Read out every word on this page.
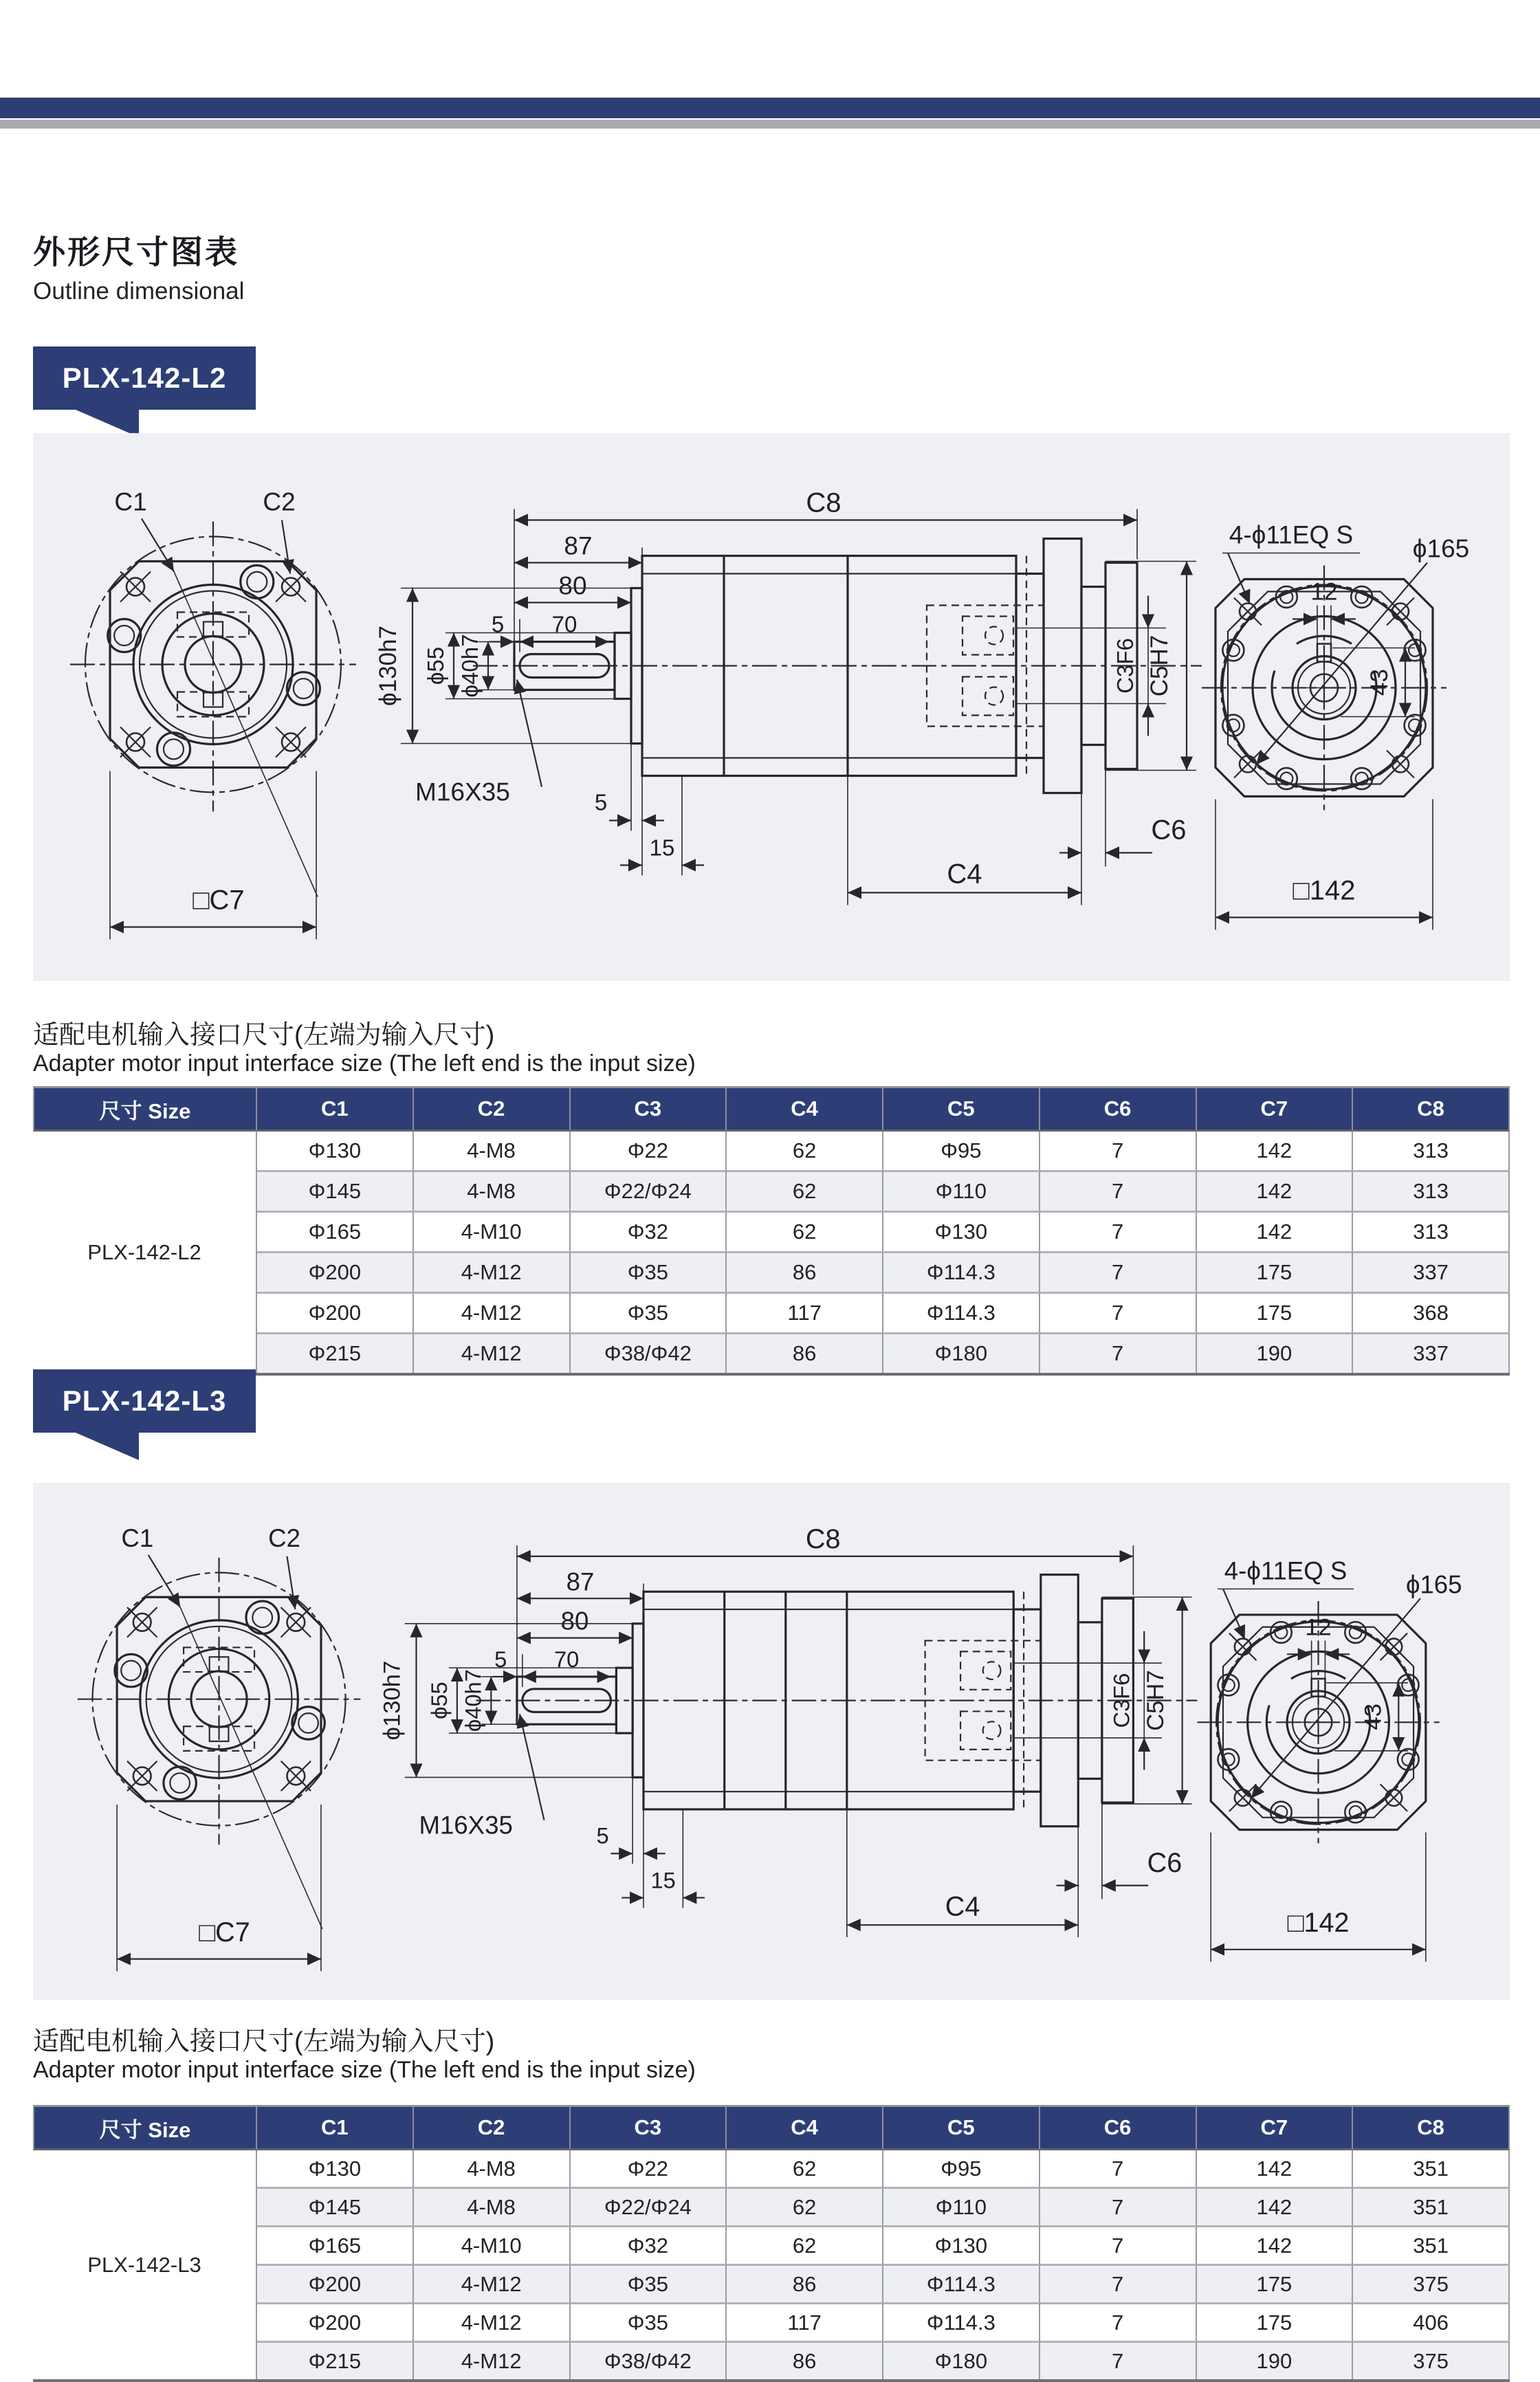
外形尺寸图表
Outline dimensional
PLX-142-L2
C1	C2
□C7
C8
87
80
5 70
ϕ55 ϕ40h7
ϕ130h7
M16X35	5
15
C4
C6
C3F6 C5H7
12
43
4-ϕ11EQ S ϕ165
□142
适配电机输入接口尺寸(左端为输入尺寸)
Adapter motor input interface size (The left end is the input size)
尺寸 Size	C1	C2	C3	C4	C5	C6	C7	C8
PLX-142-L2	Φ130	4-M8	Φ22	62	Φ95	7	142	313
	Φ145	4-M8	Φ22/Φ24	62	Φ110	7	142	313
	Φ165	4-M10	Φ32	62	Φ130	7	142	313
	Φ200	4-M12	Φ35	86	Φ114.3	7	175	337
	Φ200	4-M12	Φ35	117	Φ114.3	7	175	368
	Φ215	4-M12	Φ38/Φ42	86	Φ180	7	190	337
PLX-142-L3
C1	C2
□C7
C8
87
80
5 70
ϕ55 ϕ40h7
ϕ130h7
M16X35	5
15
C4
C6
C3F6 C5H7
12
43
4-ϕ11EQ S ϕ165
□142
适配电机输入接口尺寸(左端为输入尺寸)
Adapter motor input interface size (The left end is the input size)
尺寸 Size	C1	C2	C3	C4	C5	C6	C7	C8
PLX-142-L3	Φ130	4-M8	Φ22	62	Φ95	7	142	351
	Φ145	4-M8	Φ22/Φ24	62	Φ110	7	142	351
	Φ165	4-M10	Φ32	62	Φ130	7	142	351
	Φ200	4-M12	Φ35	86	Φ114.3	7	175	375
	Φ200	4-M12	Φ35	117	Φ114.3	7	175	406
	Φ215	4-M12	Φ38/Φ42	86	Φ180	7	190	375
